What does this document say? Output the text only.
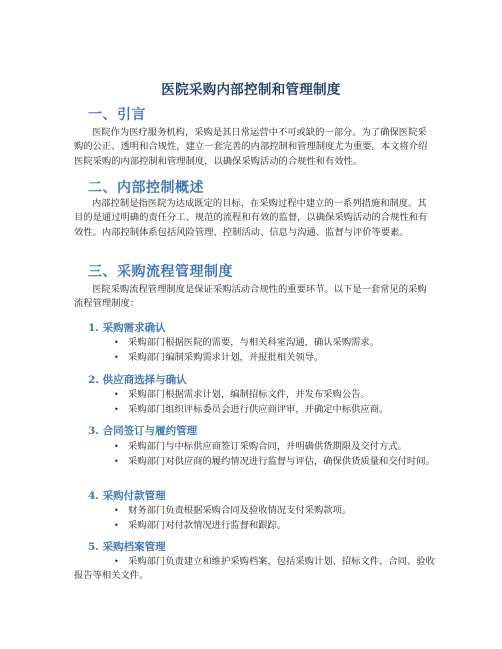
医院采购内部控制和管理制度
一、引言
医院作为医疗服务机构，采购是其日常运营中不可或缺的一部分。为了确保医院采购的公正、透明和合规性，建立一套完善的内部控制和管理制度尤为重要。本文将介绍医院采购的内部控制和管理制度，以确保采购活动的合规性和有效性。
二、内部控制概述
内部控制是指医院为达成既定的目标，在采购过程中建立的一系列措施和制度。其目的是通过明确的责任分工、规范的流程和有效的监督，以确保采购活动的合规性和有效性。内部控制体系包括风险管理、控制活动、信息与沟通、监督与评价等要素。
三、采购流程管理制度
医院采购流程管理制度是保证采购活动合规性的重要环节。以下是一套常见的采购流程管理制度：
1. 采购需求确认
• 采购部门根据医院的需要，与相关科室沟通，确认采购需求。
• 采购部门编制采购需求计划，并报批相关领导。
2. 供应商选择与确认
• 采购部门根据需求计划，编制招标文件，并发布采购公告。
• 采购部门组织评标委员会进行供应商评审，并确定中标供应商。
3. 合同签订与履约管理
• 采购部门与中标供应商签订采购合同，并明确供货期限及交付方式。
• 采购部门对供应商的履约情况进行监督与评估，确保供货质量和交付时间。
4. 采购付款管理
• 财务部门负责根据采购合同及验收情况支付采购款项。
• 采购部门对付款情况进行监督和跟踪。
5. 采购档案管理
• 采购部门负责建立和维护采购档案，包括采购计划、招标文件、合同、验收报告等相关文件。
